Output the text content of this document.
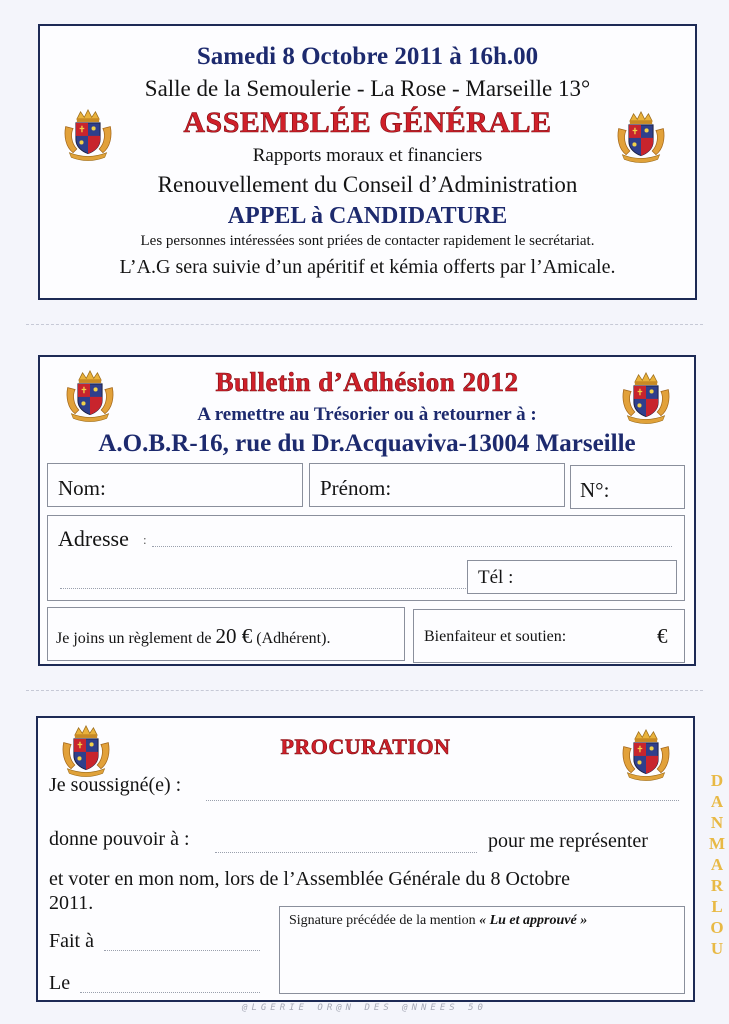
Samedi 8 Octobre 2011 à 16h.00
Salle de la Semoulerie - La Rose - Marseille 13°
ASSEMBLÉE GÉNÉRALE
Rapports moraux et financiers
Renouvellement du Conseil d’Administration
APPEL à CANDIDATURE
Les personnes intéressées sont priées de contacter rapidement le secrétariat.
L’A.G sera suivie d’un apéritif et kémia offerts par l’Amicale.
Bulletin d’Adhésion 2012
A remettre au Trésorier ou à retourner à :
A.O.B.R-16, rue du Dr.Acquaviva-13004 Marseille
Nom:	Prénom:	N°:
Adresse :
Tél :
Je joins un règlement de 20 € (Adhérent).	Bienfaiteur et soutien:	€
PROCURATION
Je soussigné(e) :
donne pouvoir à :	pour me représenter
et voter en mon nom, lors de l’Assemblée Générale du 8 Octobre
2011.
Fait à
Le
Signature précédée de la mention « Lu et approuvé »
D
A
N
M
A
R
L
O
U
@LGERIE OR@N DES @NNEES 50
